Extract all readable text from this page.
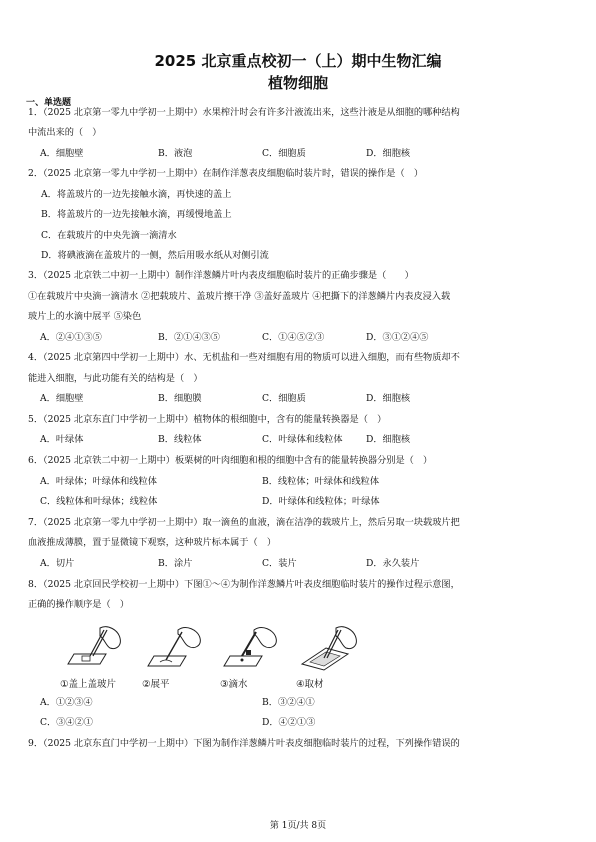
2025 北京重点校初一（上）期中生物汇编
植物细胞
一、单选题
1．（2025 北京第一零九中学初一上期中）水果榨汁时会有许多汁液流出来，这些汁液是从细胞的哪种结构
中流出来的（　）
2．（2025 北京第一零九中学初一上期中）在制作洋葱表皮细胞临时装片时，错误的操作是（　）
A．将盖玻片的一边先接触水滴，再快速的盖上
B．将盖玻片的一边先接触水滴，再缓慢地盖上
C．在载玻片的中央先滴一滴清水
D．将碘液滴在盖玻片的一侧，然后用吸水纸从对侧引流
3．（2025 北京铁二中初一上期中）制作洋葱鳞片叶内表皮细胞临时装片的正确步骤是（　　）
①在载玻片中央滴一滴清水 ②把载玻片、盖玻片擦干净 ③盖好盖玻片 ④把撕下的洋葱鳞片内表皮浸入载
玻片上的水滴中展平 ⑤染色
4．（2025 北京第四中学初一上期中）水、无机盐和一些对细胞有用的物质可以进入细胞，而有些物质却不
能进入细胞，与此功能有关的结构是（　）
5．（2025 北京东直门中学初一上期中）植物体的根细胞中，含有的能量转换器是（　）
6．（2025 北京铁二中初一上期中）板栗树的叶肉细胞和根的细胞中含有的能量转换器分别是（　）
7．（2025 北京第一零九中学初一上期中）取一滴鱼的血液，滴在洁净的载玻片上，然后另取一块载玻片把
血液推成薄膜，置于显微镜下观察，这种玻片标本属于（　）
8．（2025 北京回民学校初一上期中）下图①～④为制作洋葱鳞片叶表皮细胞临时装片的操作过程示意图，
正确的操作顺序是（　）
9．（2025 北京东直门中学初一上期中）下图为制作洋葱鳞片叶表皮细胞临时装片的过程，下列操作错误的
A．细胞壁	B．液泡	C．细胞质	D．细胞核
A．②④①③⑤	B．②①④③⑤	C．①④⑤②③	D．③①②④⑤
A．细胞壁	B．细胞膜	C．细胞质	D．细胞核
A．叶绿体	B．线粒体	C．叶绿体和线粒体	D．细胞核
A．叶绿体；叶绿体和线粒体	B．线粒体；叶绿体和线粒体
C．线粒体和叶绿体；线粒体	D．叶绿体和线粒体；叶绿体
A．切片	B．涂片	C．装片	D．永久装片
A．①②③④	B．③②④①
C．③④②①	D．④②①③
①盖上盖玻片	②展平	③滴水	④取材
第 1页/共 8页
